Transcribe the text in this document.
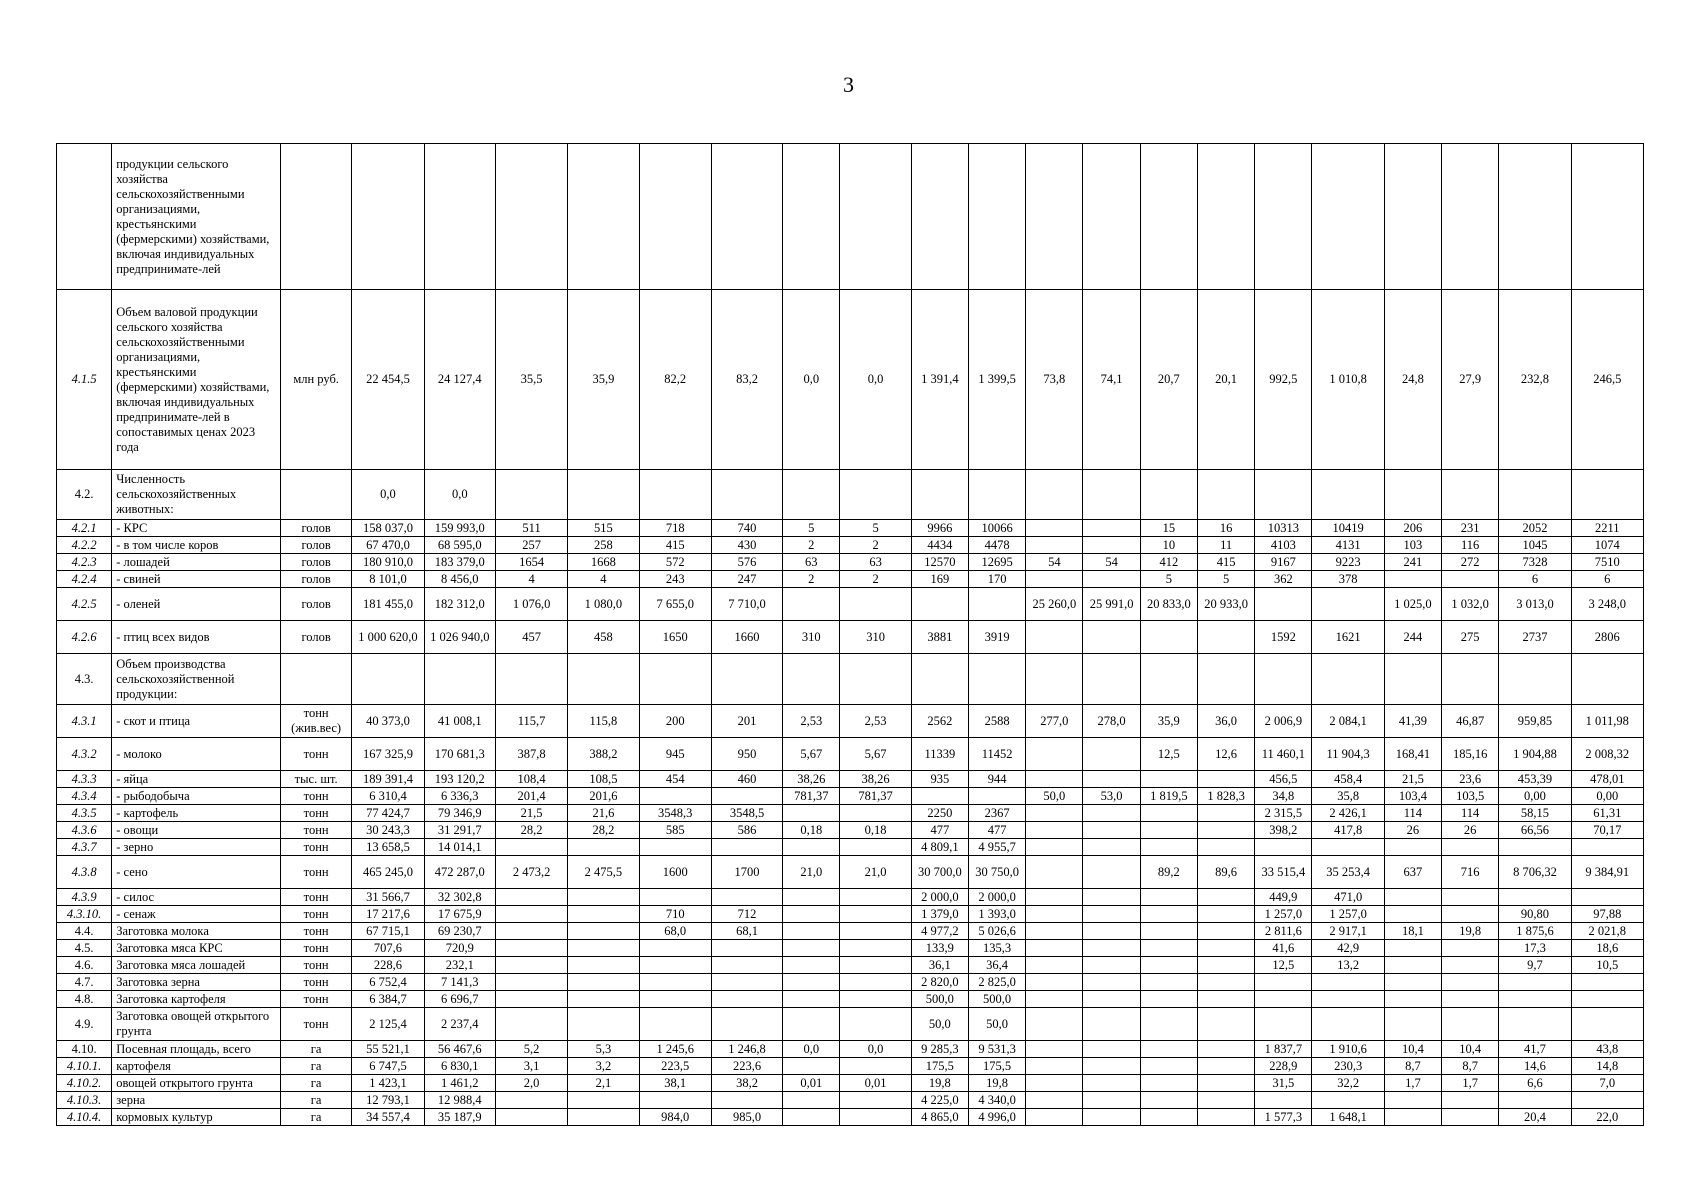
3
	продукции сельского хозяйства сельскохозяйственными организациями, крестьянскими (фермерскими) хозяйствами, включая индивидуальных предпринимате-лей																					
4.1.5	Объем валовой продукции сельского хозяйства сельскохозяйственными организациями, крестьянскими (фермерскими) хозяйствами, включая индивидуальных предпринимате-лей в сопоставимых ценах 2023 года	млн руб.	22 454,5	24 127,4	35,5	35,9	82,2	83,2	0,0	0,0	1 391,4	1 399,5	73,8	74,1	20,7	20,1	992,5	1 010,8	24,8	27,9	232,8	246,5
4.2.	Численность сельскохозяйственных животных:		0,0	0,0																		
4.2.1	- КРС	голов	158 037,0	159 993,0	511	515	718	740	5	5	9966	10066			15	16	10313	10419	206	231	2052	2211
4.2.2	- в том числе коров	голов	67 470,0	68 595,0	257	258	415	430	2	2	4434	4478			10	11	4103	4131	103	116	1045	1074
4.2.3	- лошадей	голов	180 910,0	183 379,0	1654	1668	572	576	63	63	12570	12695	54	54	412	415	9167	9223	241	272	7328	7510
4.2.4	- свиней	голов	8 101,0	8 456,0	4	4	243	247	2	2	169	170			5	5	362	378			6	6
4.2.5	- оленей	голов	181 455,0	182 312,0	1 076,0	1 080,0	7 655,0	7 710,0					25 260,0	25 991,0	20 833,0	20 933,0			1 025,0	1 032,0	3 013,0	3 248,0
4.2.6	- птиц всех видов	голов	1 000 620,0	1 026 940,0	457	458	1650	1660	310	310	3881	3919					1592	1621	244	275	2737	2806
4.3.	Объем производства сельскохозяйственной продукции:																					
4.3.1	- скот и птица	тонн (жив.вес)	40 373,0	41 008,1	115,7	115,8	200	201	2,53	2,53	2562	2588	277,0	278,0	35,9	36,0	2 006,9	2 084,1	41,39	46,87	959,85	1 011,98
4.3.2	- молоко	тонн	167 325,9	170 681,3	387,8	388,2	945	950	5,67	5,67	11339	11452			12,5	12,6	11 460,1	11 904,3	168,41	185,16	1 904,88	2 008,32
4.3.3	- яйца	тыс. шт.	189 391,4	193 120,2	108,4	108,5	454	460	38,26	38,26	935	944					456,5	458,4	21,5	23,6	453,39	478,01
4.3.4	- рыбодобыча	тонн	6 310,4	6 336,3	201,4	201,6			781,37	781,37			50,0	53,0	1 819,5	1 828,3	34,8	35,8	103,4	103,5	0,00	0,00
4.3.5	- картофель	тонн	77 424,7	79 346,9	21,5	21,6	3548,3	3548,5			2250	2367					2 315,5	2 426,1	114	114	58,15	61,31
4.3.6	- овощи	тонн	30 243,3	31 291,7	28,2	28,2	585	586	0,18	0,18	477	477					398,2	417,8	26	26	66,56	70,17
4.3.7	- зерно	тонн	13 658,5	14 014,1							4 809,1	4 955,7										
4.3.8	- сено	тонн	465 245,0	472 287,0	2 473,2	2 475,5	1600	1700	21,0	21,0	30 700,0	30 750,0			89,2	89,6	33 515,4	35 253,4	637	716	8 706,32	9 384,91
4.3.9	- силос	тонн	31 566,7	32 302,8							2 000,0	2 000,0					449,9	471,0				
4.3.10.	- сенаж	тонн	17 217,6	17 675,9			710	712			1 379,0	1 393,0					1 257,0	1 257,0			90,80	97,88
4.4.	Заготовка молока	тонн	67 715,1	69 230,7			68,0	68,1			4 977,2	5 026,6					2 811,6	2 917,1	18,1	19,8	1 875,6	2 021,8
4.5.	Заготовка мяса КРС	тонн	707,6	720,9							133,9	135,3					41,6	42,9			17,3	18,6
4.6.	Заготовка мяса лошадей	тонн	228,6	232,1							36,1	36,4					12,5	13,2			9,7	10,5
4.7.	Заготовка зерна	тонн	6 752,4	7 141,3							2 820,0	2 825,0										
4.8.	Заготовка картофеля	тонн	6 384,7	6 696,7							500,0	500,0										
4.9.	Заготовка овощей открытого грунта	тонн	2 125,4	2 237,4							50,0	50,0										
4.10.	Посевная площадь, всего	га	55 521,1	56 467,6	5,2	5,3	1 245,6	1 246,8	0,0	0,0	9 285,3	9 531,3					1 837,7	1 910,6	10,4	10,4	41,7	43,8
4.10.1.	картофеля	га	6 747,5	6 830,1	3,1	3,2	223,5	223,6			175,5	175,5					228,9	230,3	8,7	8,7	14,6	14,8
4.10.2.	овощей открытого грунта	га	1 423,1	1 461,2	2,0	2,1	38,1	38,2	0,01	0,01	19,8	19,8					31,5	32,2	1,7	1,7	6,6	7,0
4.10.3.	зерна	га	12 793,1	12 988,4							4 225,0	4 340,0										
4.10.4.	кормовых культур	га	34 557,4	35 187,9			984,0	985,0			4 865,0	4 996,0					1 577,3	1 648,1			20,4	22,0
